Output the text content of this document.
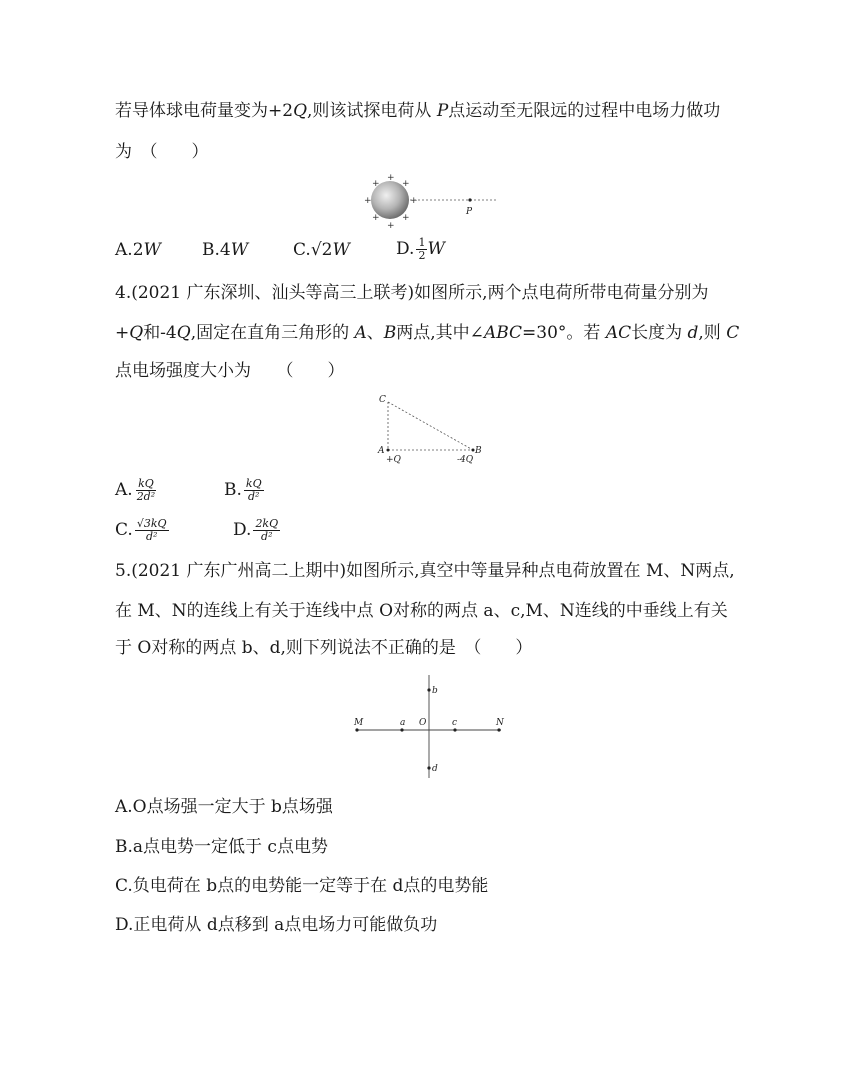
若导体球电荷量变为+2Q,则该试探电荷从 P点运动至无限远的过程中电场力做功
为　（　　）
+
+ +
+	+
+ +
+
P
A.2W B.4W	C.√2W	D. $\frac{1}{2}$ W
4.(2021 广东深圳、汕头等高三上联考)如图所示,两个点电荷所带电荷量分别为
+Q和-4Q,固定在直角三角形的 A、B两点,其中∠ABC=30°。若 AC长度为 d,则 C
点电场强度大小为　　（　　）
C
A	B
+Q	-4Q
A. $\frac{kQ}{\text{2d²}}$	B. $\frac{kQ}{\text{d²}}$
C. $\frac{√3kQ}{\text{d²}}$	D. $\frac{2kQ}{\text{d²}}$
5.(2021 广东广州高二上期中)如图所示,真空中等量异种点电荷放置在 M、N两点,
在 M、N的连线上有关于连线中点 O对称的两点 a、c,M、N连线的中垂线上有关
于 O对称的两点 b、d,则下列说法不正确的是　（　　）
M	a O	c	N
b
d
A.O点场强一定大于 b点场强
B.a点电势一定低于 c点电势
C.负电荷在 b点的电势能一定等于在 d点的电势能
D.正电荷从 d点移到 a点电场力可能做负功
